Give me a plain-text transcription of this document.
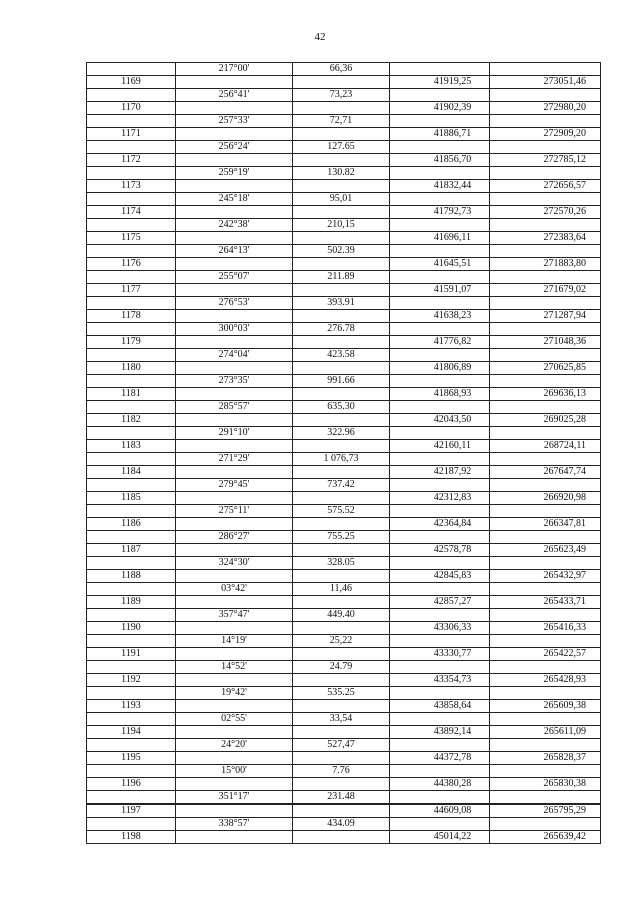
42
	217°00'	66,36		
1169			41919,25	273051,46
	256°41'	73,23		
1170			41902,39	272980,20
	257°33'	72,71		
1171			41886,71	272909,20
	256°24'	127.65		
1172			41856,70	272785,12
	259°19'	130.82		
1173			41832,44	272656,57
	245°18'	95,01		
1174			41792,73	272570,26
	242°38'	210,15		
1175			41696,11	272383,64
	264°13'	502.39		
1176			41645,51	271883,80
	255°07'	211.89		
1177			41591,07	271679,02
	276°53'	393.91		
1178			41638,23	271287,94
	300°03'	276.78		
1179			41776,82	271048,36
	274°04'	423.58		
1180			41806,89	270625,85
	273°35'	991.66		
1181			41868,93	269636,13
	285°57'	635.30		
1182			42043,50	269025,28
	291°10'	322.96		
1183			42160,11	268724,11
	271°29'	1 076,73		
1184			42187,92	267647,74
	279°45'	737.42		
1185			42312,83	266920,98
	275°11'	575.52		
1186			42364,84	266347,81
	286°27'	755.25		
1187			42578,78	265623,49
	324°30'	328.05		
1188			42845,83	265432,97
	03°42'	11,46		
1189			42857,27	265433,71
	357°47'	449.40		
1190			43306,33	265416,33
	14°19'	25,22		
1191			43330,77	265422,57
	14°52'	24.79		
1192			43354,73	265428,93
	19°42'	535.25		
1193			43858,64	265609,38
	02°55'	33,54		
1194			43892,14	265611,09
	24°20'	527,47		
1195			44372,78	265828,37
	15°00'	7.76		
1196			44380,28	265830,38
	351°17'	231.48		
1197			44609,08	265795,29
	338°57'	434.09		
1198			45014,22	265639,42
